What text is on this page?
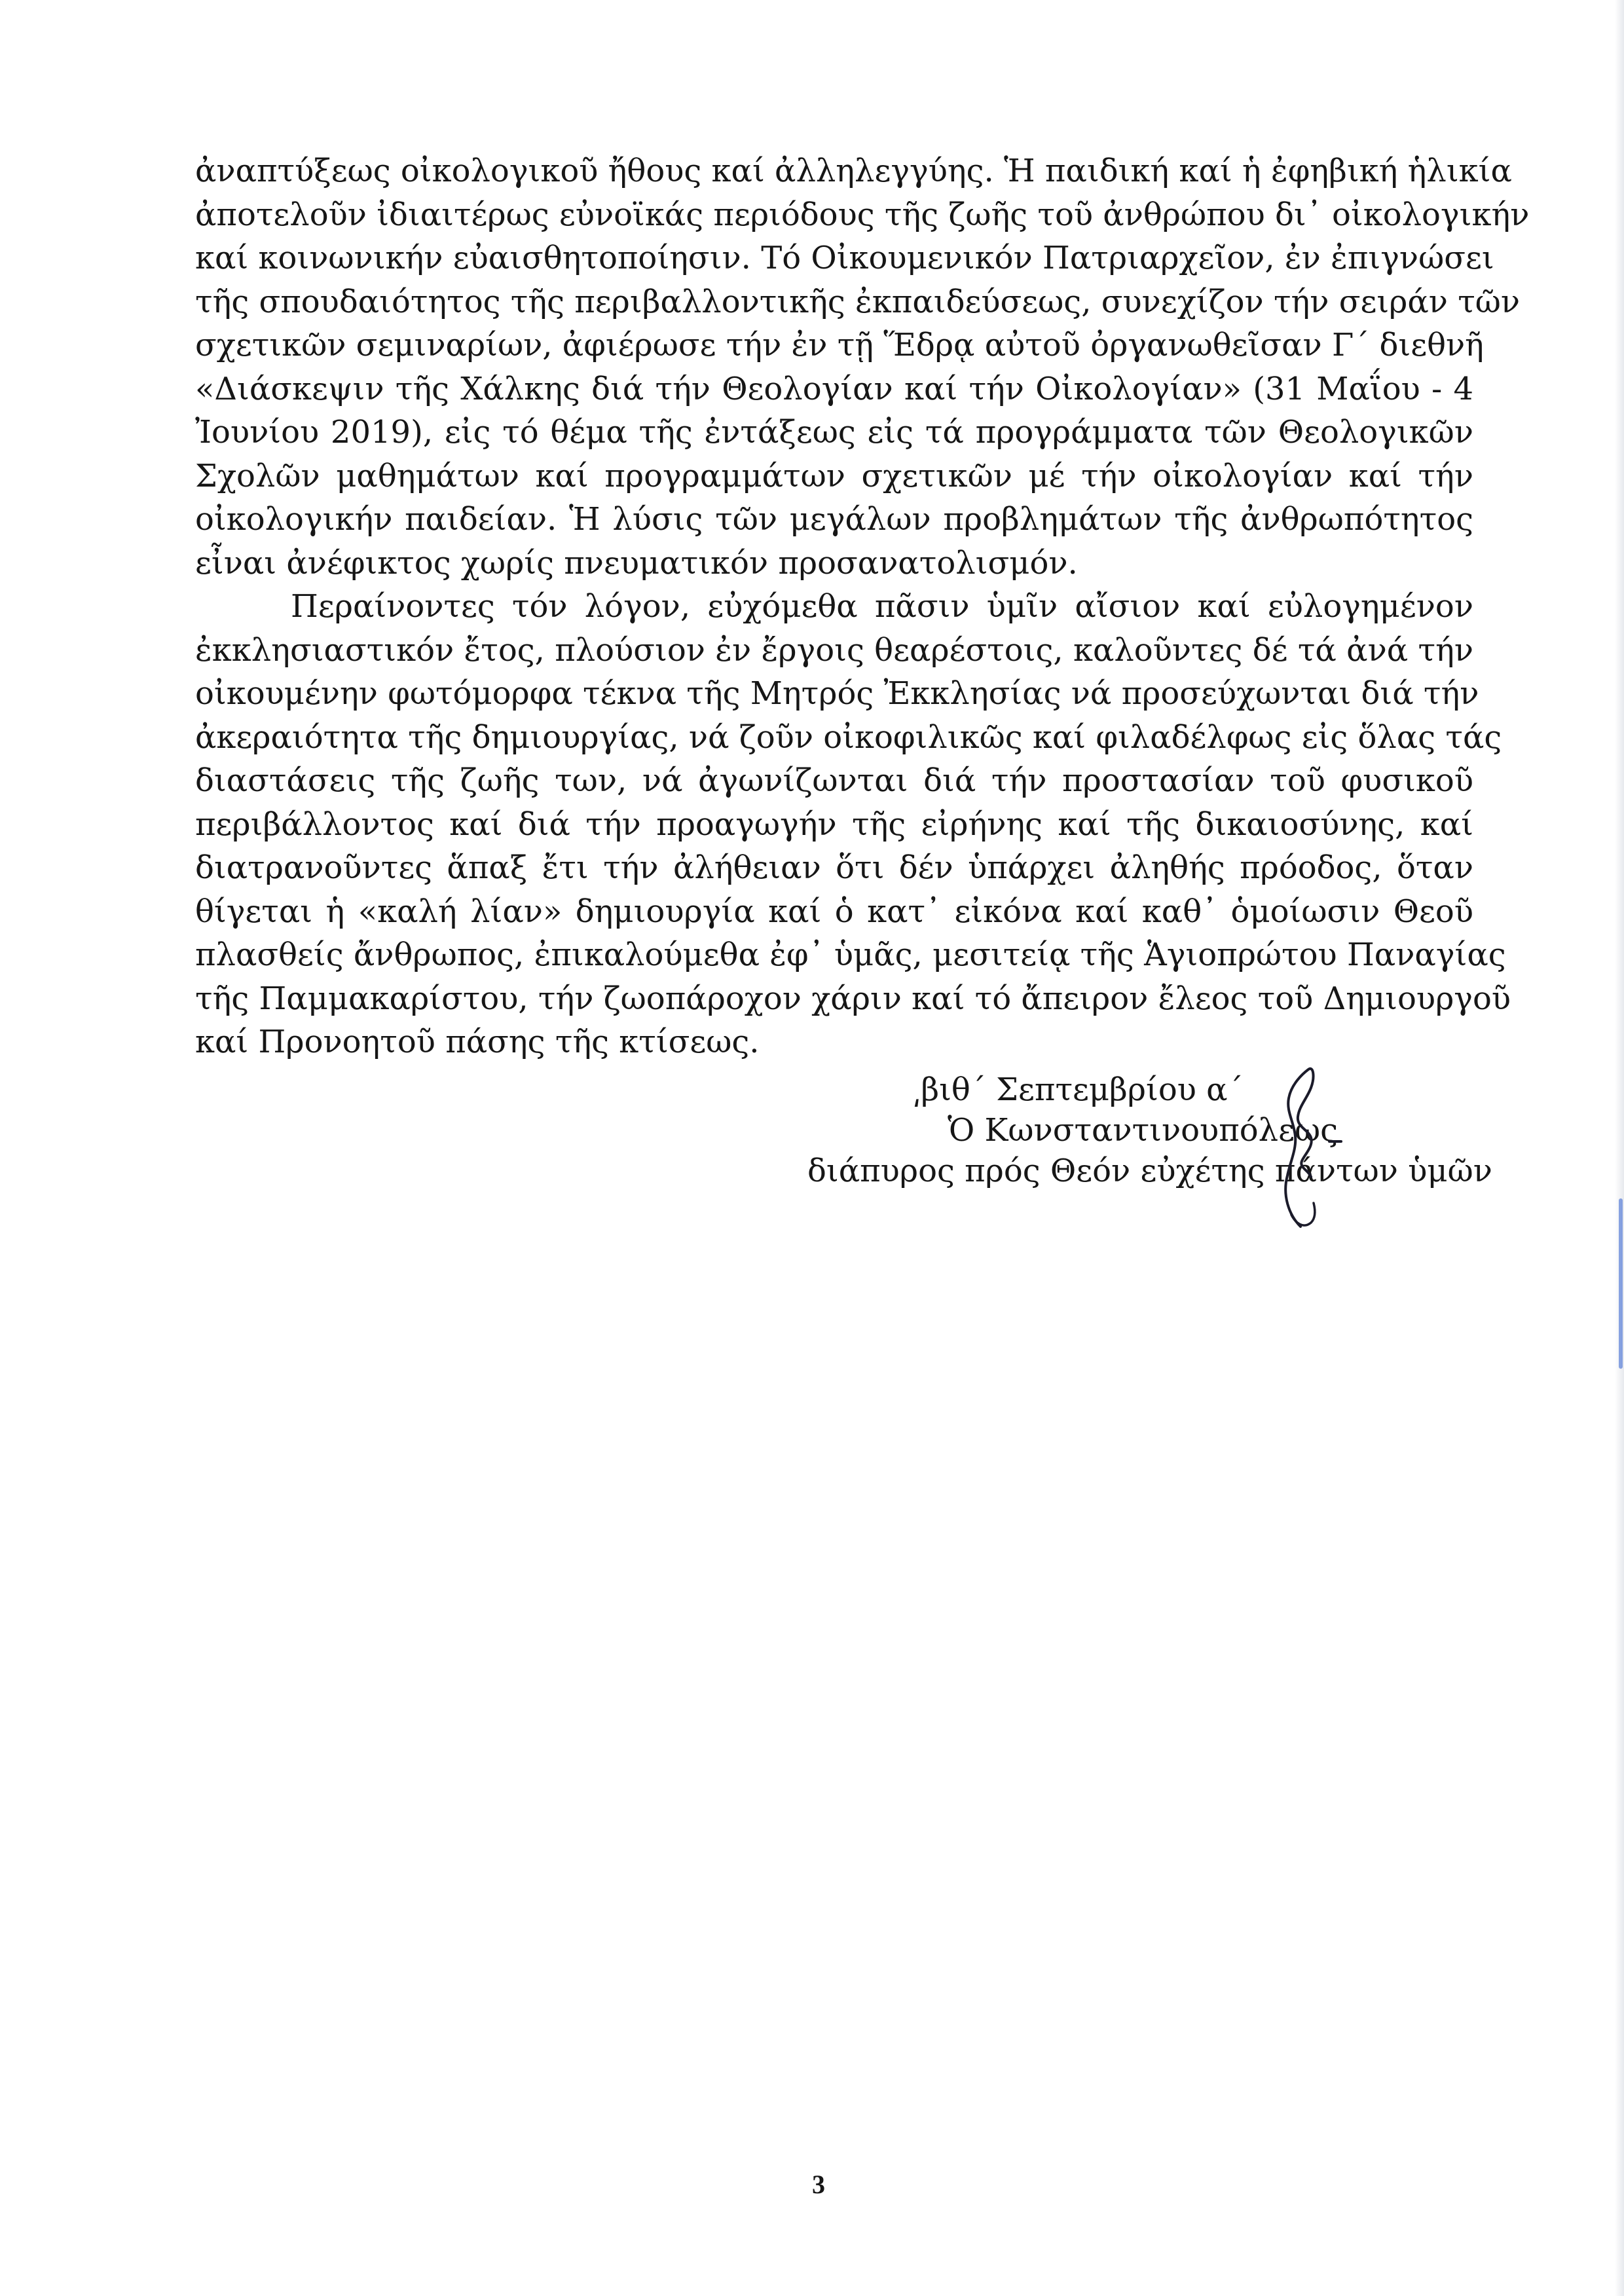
ἀναπτύξεως οἰκολογικοῦ ἤθους καί ἀλληλεγγύης. Ἡ παιδική καί ἡ ἐφηβική ἡλικία
ἀποτελοῦν ἰδιαιτέρως εὐνοϊκάς περιόδους τῆς ζωῆς τοῦ ἀνθρώπου δι᾿ οἰκολογικήν
καί κοινωνικήν εὐαισθητοποίησιν. Τό Οἰκουμενικόν Πατριαρχεῖον, ἐν ἐπιγνώσει
τῆς σπουδαιότητος τῆς περιβαλλοντικῆς ἐκπαιδεύσεως, συνεχίζον τήν σειράν τῶν
σχετικῶν σεμιναρίων, ἀφιέρωσε τήν ἐν τῇ Ἕδρᾳ αὐτοῦ ὀργανωθεῖσαν Γ΄ διεθνῆ
«Διάσκεψιν τῆς Χάλκης διά τήν Θεολογίαν καί τήν Οἰκολογίαν» (31 Μαΐου - 4
Ἰουνίου 2019), εἰς τό θέμα τῆς ἐντάξεως εἰς τά προγράμματα τῶν Θεολογικῶν
Σχολῶν μαθημάτων καί προγραμμάτων σχετικῶν μέ τήν οἰκολογίαν καί τήν
οἰκολογικήν παιδείαν. Ἡ λύσις τῶν μεγάλων προβλημάτων τῆς ἀνθρωπότητος
εἶναι ἀνέφικτος χωρίς πνευματικόν προσανατολισμόν.
Περαίνοντες τόν λόγον, εὐχόμεθα πᾶσιν ὑμῖν αἴσιον καί εὐλογημένον
ἐκκλησιαστικόν ἔτος, πλούσιον ἐν ἔργοις θεαρέστοις, καλοῦντες δέ τά ἀνά τήν
οἰκουμένην φωτόμορφα τέκνα τῆς Μητρός Ἐκκλησίας νά προσεύχωνται διά τήν
ἀκεραιότητα τῆς δημιουργίας, νά ζοῦν οἰκοφιλικῶς καί φιλαδέλφως εἰς ὅλας τάς
διαστάσεις τῆς ζωῆς των, νά ἀγωνίζωνται διά τήν προστασίαν τοῦ φυσικοῦ
περιβάλλοντος καί διά τήν προαγωγήν τῆς εἰρήνης καί τῆς δικαιοσύνης, καί
διατρανοῦντες ἅπαξ ἔτι τήν ἀλήθειαν ὅτι δέν ὑπάρχει ἀληθής πρόοδος, ὅταν
θίγεται ἡ «καλή λίαν» δημιουργία καί ὁ κατ᾿ εἰκόνα καί καθ᾿ ὁμοίωσιν Θεοῦ
πλασθείς ἄνθρωπος, ἐπικαλούμεθα ἐφ᾿ ὑμᾶς, μεσιτείᾳ τῆς Ἁγιοπρώτου Παναγίας
τῆς Παμμακαρίστου, τήν ζωοπάροχον χάριν καί τό ἄπειρον ἔλεος τοῦ Δημιουργοῦ
καί Προνοητοῦ πάσης τῆς κτίσεως.
͵βιθ΄ Σεπτεμβρίου α΄
Ὁ Κωνσταντινουπόλεως
διάπυρος πρός Θεόν εὐχέτης πάντων ὑμῶν
3
